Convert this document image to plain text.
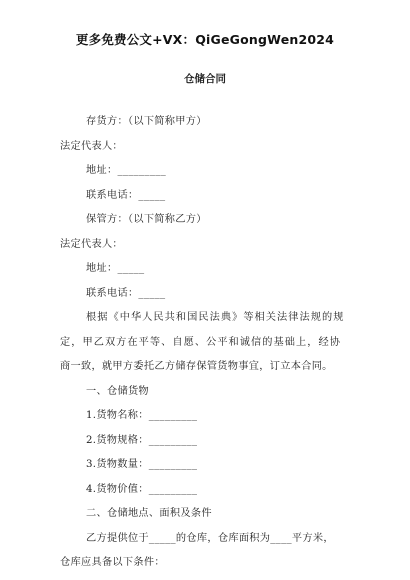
更多免费公文+VX：QiGeGongWen2024
仓储合同
存货方：（以下简称甲方）
法定代表人：
地址：_________
联系电话：_____
保管方：（以下简称乙方）
法定代表人：
地址：_____
联系电话：_____
根据《中华人民共和国民法典》等相关法律法规的规
定，甲乙双方在平等、自愿、公平和诚信的基础上，经协
商一致，就甲方委托乙方储存保管货物事宜，订立本合同。
一、仓储货物
1.货物名称：_________
2.货物规格：_________
3.货物数量：_________
4.货物价值：_________
二、仓储地点、面积及条件
乙方提供位于_____的仓库，仓库面积为____平方米，
仓库应具备以下条件：
